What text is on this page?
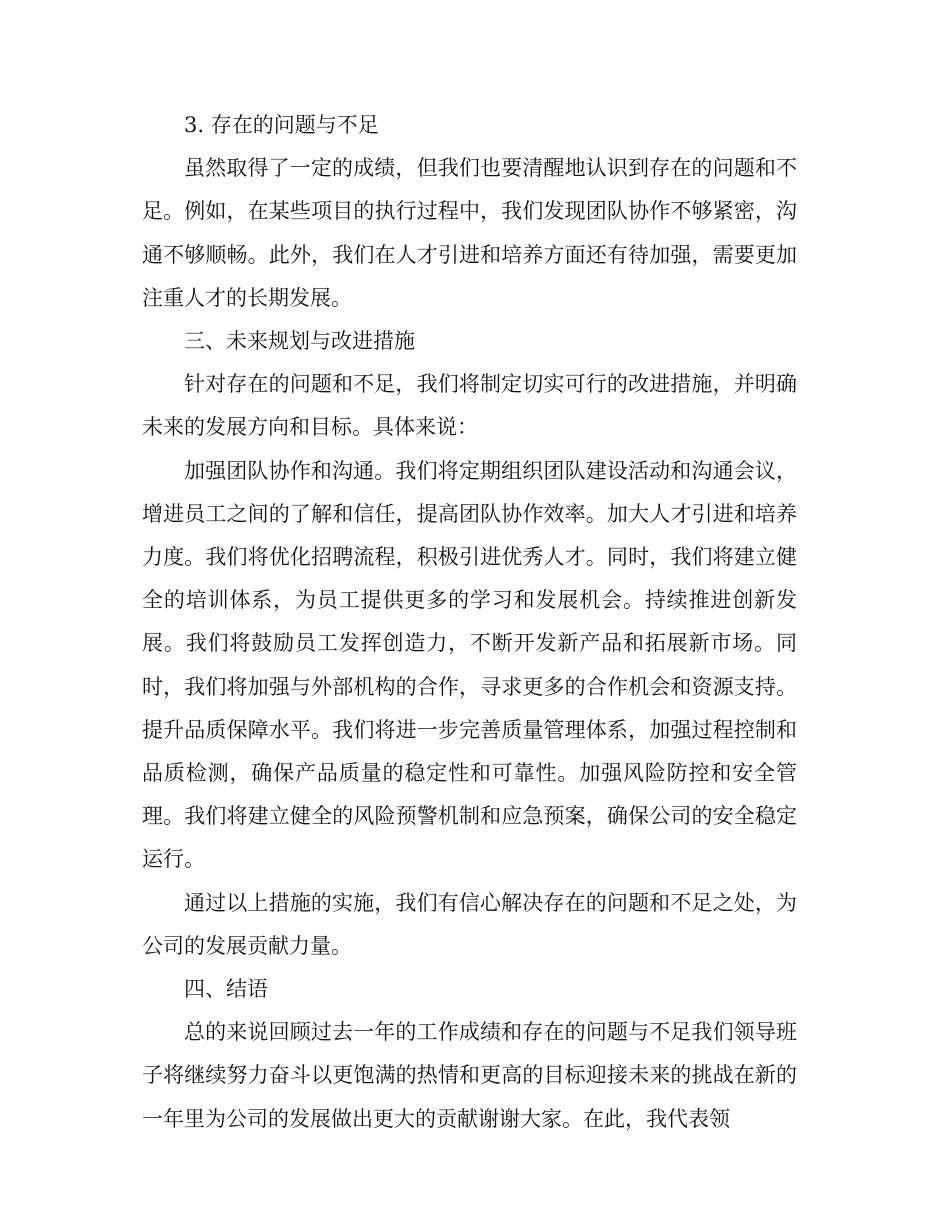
3. 存在的问题与不足

虽然取得了一定的成绩，但我们也要清醒地认识到存在的问题和不足。例如，在某些项目的执行过程中，我们发现团队协作不够紧密，沟通不够顺畅。此外，我们在人才引进和培养方面还有待加强，需要更加注重人才的长期发展。

三、未来规划与改进措施

针对存在的问题和不足，我们将制定切实可行的改进措施，并明确未来的发展方向和目标。具体来说：

加强团队协作和沟通。我们将定期组织团队建设活动和沟通会议，增进员工之间的了解和信任，提高团队协作效率。加大人才引进和培养力度。我们将优化招聘流程，积极引进优秀人才。同时，我们将建立健全的培训体系，为员工提供更多的学习和发展机会。持续推进创新发展。我们将鼓励员工发挥创造力，不断开发新产品和拓展新市场。同时，我们将加强与外部机构的合作，寻求更多的合作机会和资源支持。提升品质保障水平。我们将进一步完善质量管理体系，加强过程控制和品质检测，确保产品质量的稳定性和可靠性。加强风险防控和安全管理。我们将建立健全的风险预警机制和应急预案，确保公司的安全稳定运行。

通过以上措施的实施，我们有信心解决存在的问题和不足之处，为公司的发展贡献力量。

四、结语

总的来说回顾过去一年的工作成绩和存在的问题与不足我们领导班子将继续努力奋斗以更饱满的热情和更高的目标迎接未来的挑战在新的一年里为公司的发展做出更大的贡献谢谢大家。在此，我代表领
